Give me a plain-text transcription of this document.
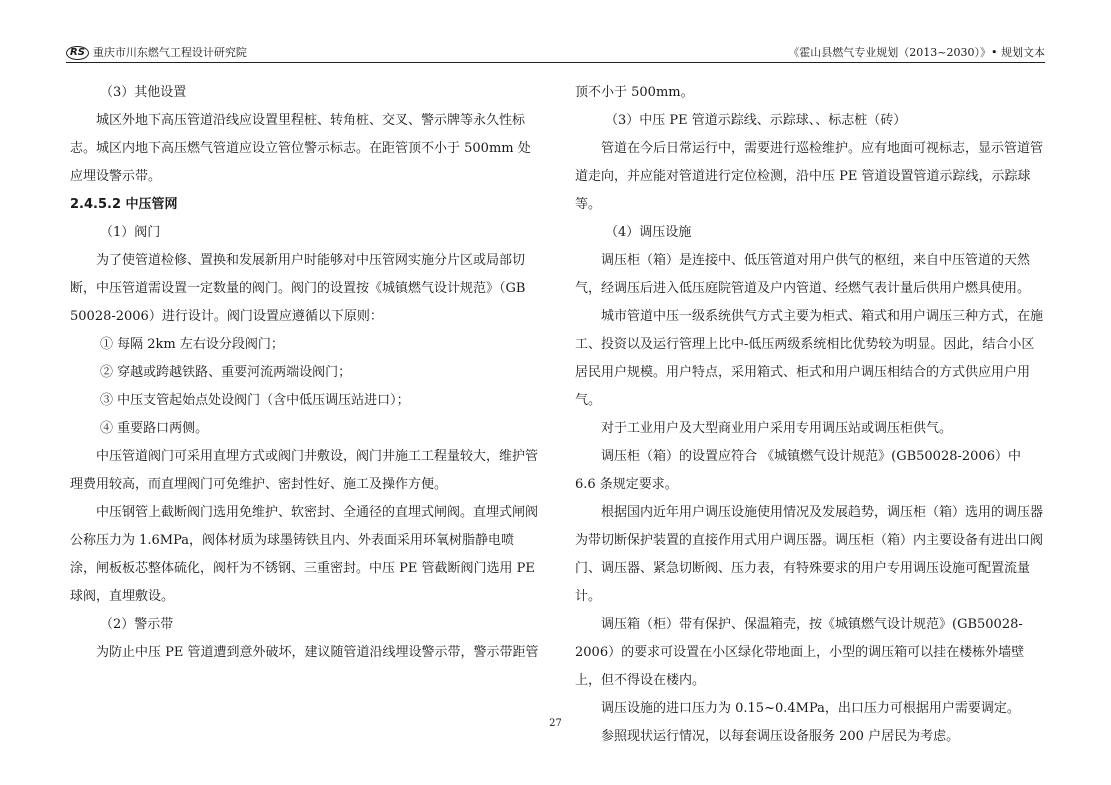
RS 重庆市川东燃气工程设计研究院	《霍山县燃气专业规划（2013~2030）》• 规划文本

（3）其他设置

城区外地下高压管道沿线应设置里程桩、转角桩、交叉、警示牌等永久性标志。城区内地下高压燃气管道应设立管位警示标志。在距管顶不小于 500mm 处应埋设警示带。

2.4.5.2 中压管网

（1）阀门

为了使管道检修、置换和发展新用户时能够对中压管网实施分片区或局部切断，中压管道需设置一定数量的阀门。阀门的设置按《城镇燃气设计规范》（GB 50028-2006）进行设计。阀门设置应遵循以下原则：

① 每隔 2km 左右设分段阀门；

② 穿越或跨越铁路、重要河流两端设阀门；

③ 中压支管起始点处设阀门（含中低压调压站进口）；

④ 重要路口两侧。

中压管道阀门可采用直埋方式或阀门井敷设，阀门井施工工程量较大，维护管理费用较高，而直埋阀门可免维护、密封性好、施工及操作方便。

中压钢管上截断阀门选用免维护、软密封、全通径的直埋式闸阀。直埋式闸阀公称压力为 1.6MPa，阀体材质为球墨铸铁且内、外表面采用环氧树脂静电喷涂，闸板板芯整体硫化，阀杆为不锈钢、三重密封。中压 PE 管截断阀门选用 PE 球阀，直埋敷设。

（2）警示带

为防止中压 PE 管道遭到意外破坏，建议随管道沿线埋设警示带，警示带距管

顶不小于 500mm。

（3）中压 PE 管道示踪线、示踪球、、标志桩（砖）

管道在今后日常运行中，需要进行巡检维护。应有地面可视标志，显示管道管道走向，并应能对管道进行定位检测，沿中压 PE 管道设置管道示踪线，示踪球等。

（4）调压设施

调压柜（箱）是连接中、低压管道对用户供气的枢纽，来自中压管道的天然气，经调压后进入低压庭院管道及户内管道、经燃气表计量后供用户燃具使用。

城市管道中压一级系统供气方式主要为柜式、箱式和用户调压三种方式，在施工、投资以及运行管理上比中-低压两级系统相比优势较为明显。因此，结合小区居民用户规模。用户特点，采用箱式、柜式和用户调压相结合的方式供应用户用气。

对于工业用户及大型商业用户采用专用调压站或调压柜供气。

调压柜（箱）的设置应符合 《城镇燃气设计规范》(GB50028-2006）中 6.6 条规定要求。

根据国内近年用户调压设施使用情况及发展趋势，调压柜（箱）选用的调压器为带切断保护装置的直接作用式用户调压器。调压柜（箱）内主要设备有进出口阀门、调压器、紧急切断阀、压力表，有特殊要求的用户专用调压设施可配置流量计。

调压箱（柜）带有保护、保温箱壳，按《城镇燃气设计规范》(GB50028-2006）的要求可设置在小区绿化带地面上，小型的调压箱可以挂在楼栋外墙壁上，但不得设在楼内。

调压设施的进口压力为 0.15~0.4MPa，出口压力可根据用户需要调定。

参照现状运行情况，以每套调压设备服务 200 户居民为考虑。

27
